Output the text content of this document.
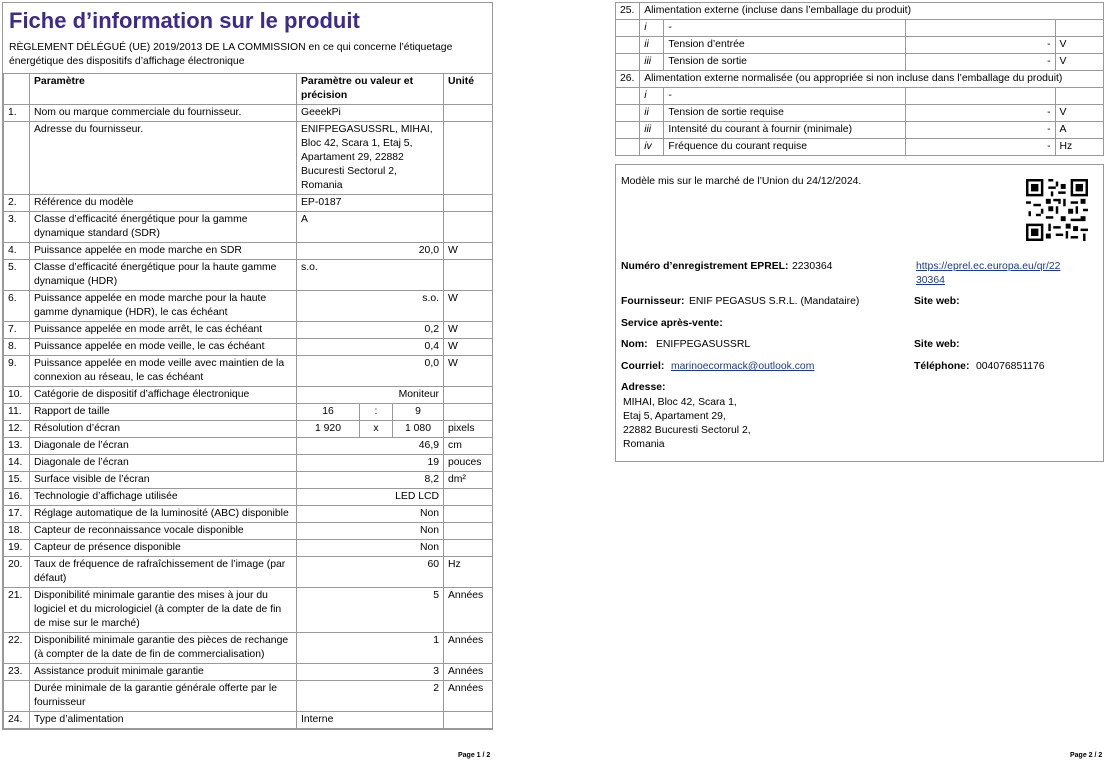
Fiche d’information sur le produit
RÈGLEMENT DÉLÉGUÉ (UE) 2019/2013 DE LA COMMISSION en ce qui concerne l’étiquetage énergétique des dispositifs d’affichage électronique
	Paramètre	Paramètre ou valeur et précision	Unité
1.	Nom ou marque commerciale du fournisseur.	GeeekPi	
	Adresse du fournisseur.	ENIFPEGASUSSRL, MIHAI, Bloc 42, Scara 1, Etaj 5, Apartament 29, 22882 Bucuresti Sectorul 2, Romania	
2.	Référence du modèle	EP-0187	
3.	Classe d’efficacité énergétique pour la gamme dynamique standard (SDR)	A	
4.	Puissance appelée en mode marche en SDR	20,0	W
5.	Classe d’efficacité énergétique pour la haute gamme dynamique (HDR)	s.o.	
6.	Puissance appelée en mode marche pour la haute gamme dynamique (HDR), le cas échéant	s.o.	W
7.	Puissance appelée en mode arrêt, le cas échéant	0,2	W
8.	Puissance appelée en mode veille, le cas échéant	0,4	W
9.	Puissance appelée en mode veille avec maintien de la connexion au réseau, le cas échéant	0,0	W
10.	Catégorie de dispositif d’affichage électronique	Moniteur	
11.	Rapport de taille	16 : 9	

12.	Résolution d’écran	1 920 x 1 080	pixels
13.	Diagonale de l’écran	46,9	cm
14.	Diagonale de l’écran	19	pouces
15.	Surface visible de l’écran	8,2	dm²
16.	Technologie d’affichage utilisée	LED LCD	
17.	Réglage automatique de la luminosité (ABC) disponible	Non	
18.	Capteur de reconnaissance vocale disponible	Non	
19.	Capteur de présence disponible	Non	
20.	Taux de fréquence de rafraîchissement de l’image (par défaut)	60	Hz
21.	Disponibilité minimale garantie des mises à jour du logiciel et du micrologiciel (à compter de la date de fin de mise sur le marché)	5	Années
22.	Disponibilité minimale garantie des pièces de rechange (à compter de la date de fin de commercialisation)	1	Années
23.	Assistance produit minimale garantie	3	Années
	Durée minimale de la garantie générale offerte par le fournisseur	2	Années
24.	Type d’alimentation	Interne	
Page 1 / 2
25.	Alimentation externe (incluse dans l’emballage du produit)			
	i	-		
	ii	Tension d’entrée	-	V
	iii	Tension de sortie	-	V
26.	Alimentation externe normalisée (ou appropriée si non incluse dans l’emballage du produit)			
	i	-		
	ii	Tension de sortie requise	-	V
	iii	Intensité du courant à fournir (minimale)	-	A
	iv	Fréquence du courant requise	-	Hz
Modèle mis sur le marché de l’Union du 24/12/2024.
Numéro d’enregistrement EPREL: 2230364	https://eprel.ec.europa.eu/qr/22
30364
Fournisseur: ENIF PEGASUS S.R.L. (Mandataire)	Site web:
Service après-vente:
Nom: ENIFPEGASUSSRL	Site web:
Courriel: marinoecormack@outlook.com	Téléphone: 004076851176
Adresse:
MIHAI, Bloc 42, Scara 1,
Etaj 5, Apartament 29,
22882 Bucuresti Sectorul 2,
Romania
Page 2 / 2
